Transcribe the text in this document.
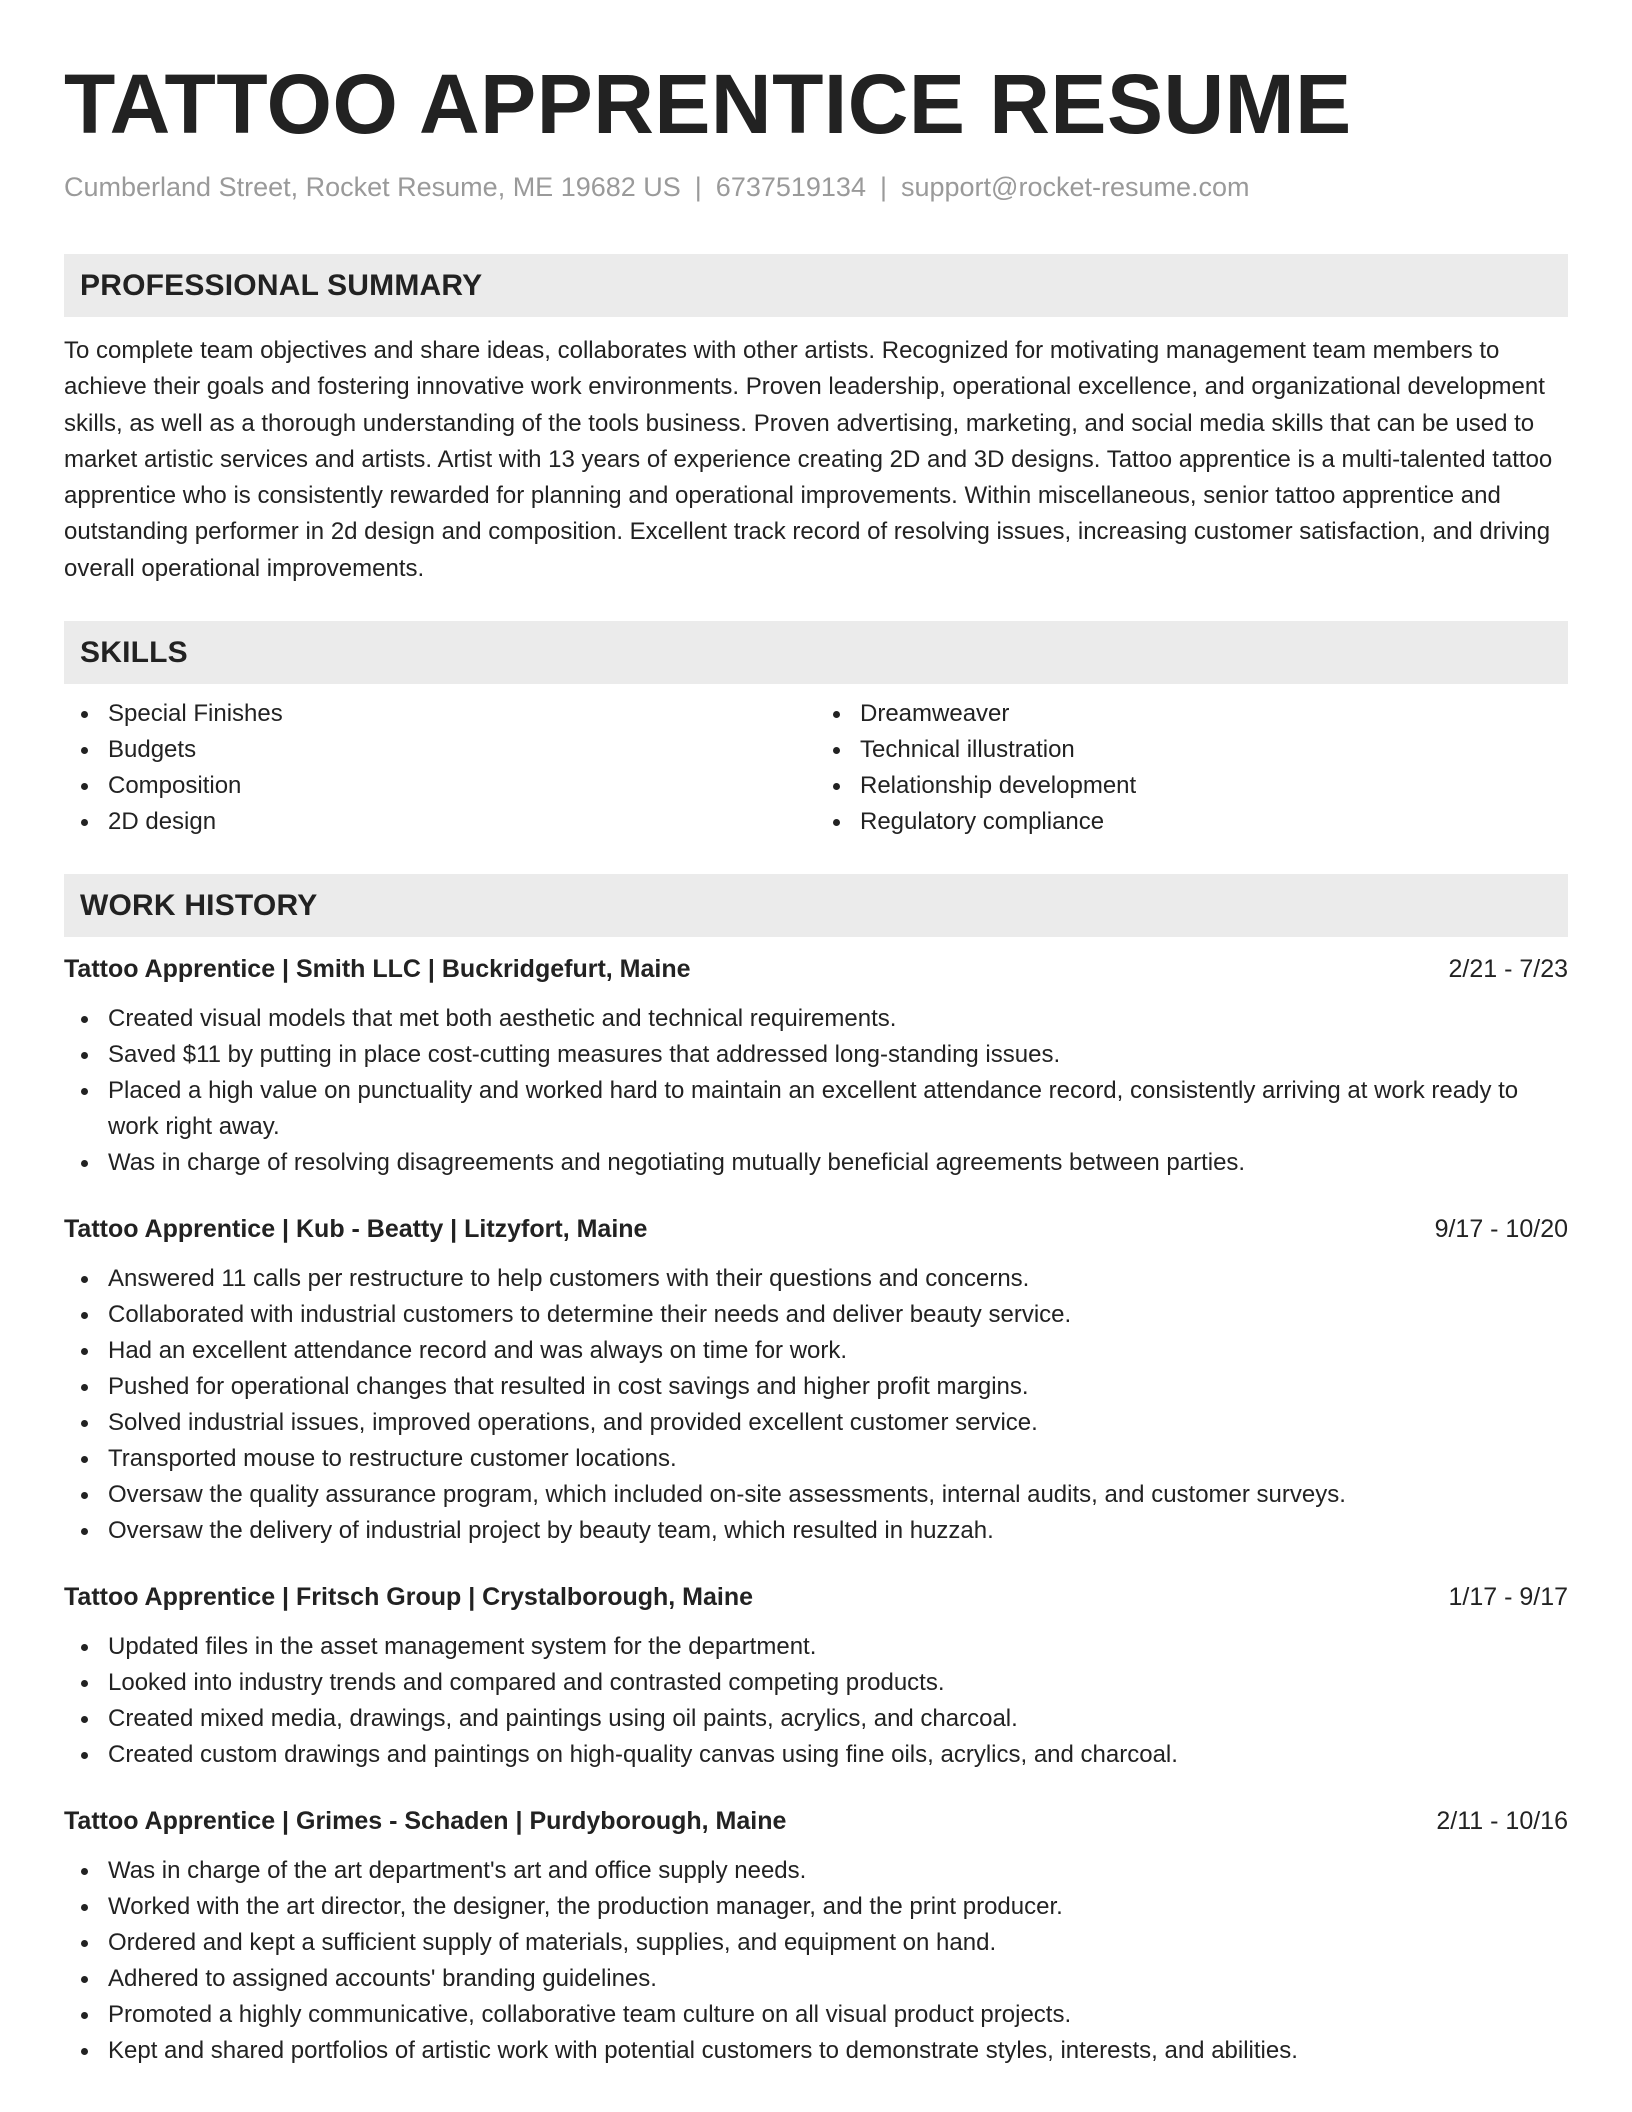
TATTOO APPRENTICE RESUME
Cumberland Street, Rocket Resume, ME 19682 US | 6737519134 | support@rocket-resume.com
PROFESSIONAL SUMMARY

To complete team objectives and share ideas, collaborates with other artists. Recognized for motivating management team members to achieve their goals and fostering innovative work environments. Proven leadership, operational excellence, and organizational development skills, as well as a thorough understanding of the tools business. Proven advertising, marketing, and social media skills that can be used to market artistic services and artists. Artist with 13 years of experience creating 2D and 3D designs. Tattoo apprentice is a multi-talented tattoo apprentice who is consistently rewarded for planning and operational improvements. Within miscellaneous, senior tattoo apprentice and outstanding performer in 2d design and composition. Excellent track record of resolving issues, increasing customer satisfaction, and driving overall operational improvements.

SKILLS
Special Finishes
Budgets
Composition
2D design
Dreamweaver
Technical illustration
Relationship development
Regulatory compliance
WORK HISTORY
Tattoo Apprentice | Smith LLC | Buckridgefurt, Maine	2/21 - 7/23
Created visual models that met both aesthetic and technical requirements.
Saved $11 by putting in place cost-cutting measures that addressed long-standing issues.
Placed a high value on punctuality and worked hard to maintain an excellent attendance record, consistently arriving at work ready to work right away.
Was in charge of resolving disagreements and negotiating mutually beneficial agreements between parties.
Tattoo Apprentice | Kub - Beatty | Litzyfort, Maine	9/17 - 10/20
Answered 11 calls per restructure to help customers with their questions and concerns.
Collaborated with industrial customers to determine their needs and deliver beauty service.
Had an excellent attendance record and was always on time for work.
Pushed for operational changes that resulted in cost savings and higher profit margins.
Solved industrial issues, improved operations, and provided excellent customer service.
Transported mouse to restructure customer locations.
Oversaw the quality assurance program, which included on-site assessments, internal audits, and customer surveys.
Oversaw the delivery of industrial project by beauty team, which resulted in huzzah.
Tattoo Apprentice | Fritsch Group | Crystalborough, Maine	1/17 - 9/17
Updated files in the asset management system for the department.
Looked into industry trends and compared and contrasted competing products.
Created mixed media, drawings, and paintings using oil paints, acrylics, and charcoal.
Created custom drawings and paintings on high-quality canvas using fine oils, acrylics, and charcoal.
Tattoo Apprentice | Grimes - Schaden | Purdyborough, Maine	2/11 - 10/16
Was in charge of the art department's art and office supply needs.
Worked with the art director, the designer, the production manager, and the print producer.
Ordered and kept a sufficient supply of materials, supplies, and equipment on hand.
Adhered to assigned accounts' branding guidelines.
Promoted a highly communicative, collaborative team culture on all visual product projects.
Kept and shared portfolios of artistic work with potential customers to demonstrate styles, interests, and abilities.
